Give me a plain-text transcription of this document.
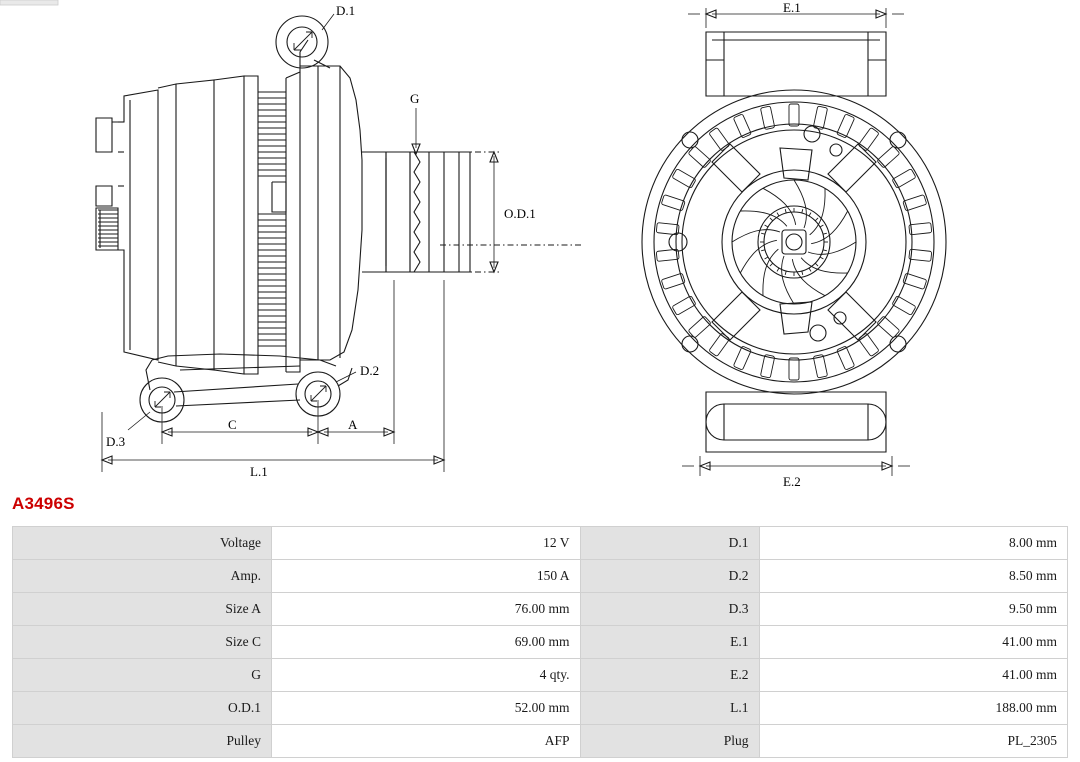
D.1
D.2
D.3
G
O.D.1
C	A
L.1
E.1
E.2
A3496S
Voltage	12 V	D.1	8.00 mm
Amp.	150 A	D.2	8.50 mm
Size A	76.00 mm	D.3	9.50 mm
Size C	69.00 mm	E.1	41.00 mm
G	4 qty.	E.2	41.00 mm
O.D.1	52.00 mm	L.1	188.00 mm
Pulley	AFP	Plug	PL_2305
